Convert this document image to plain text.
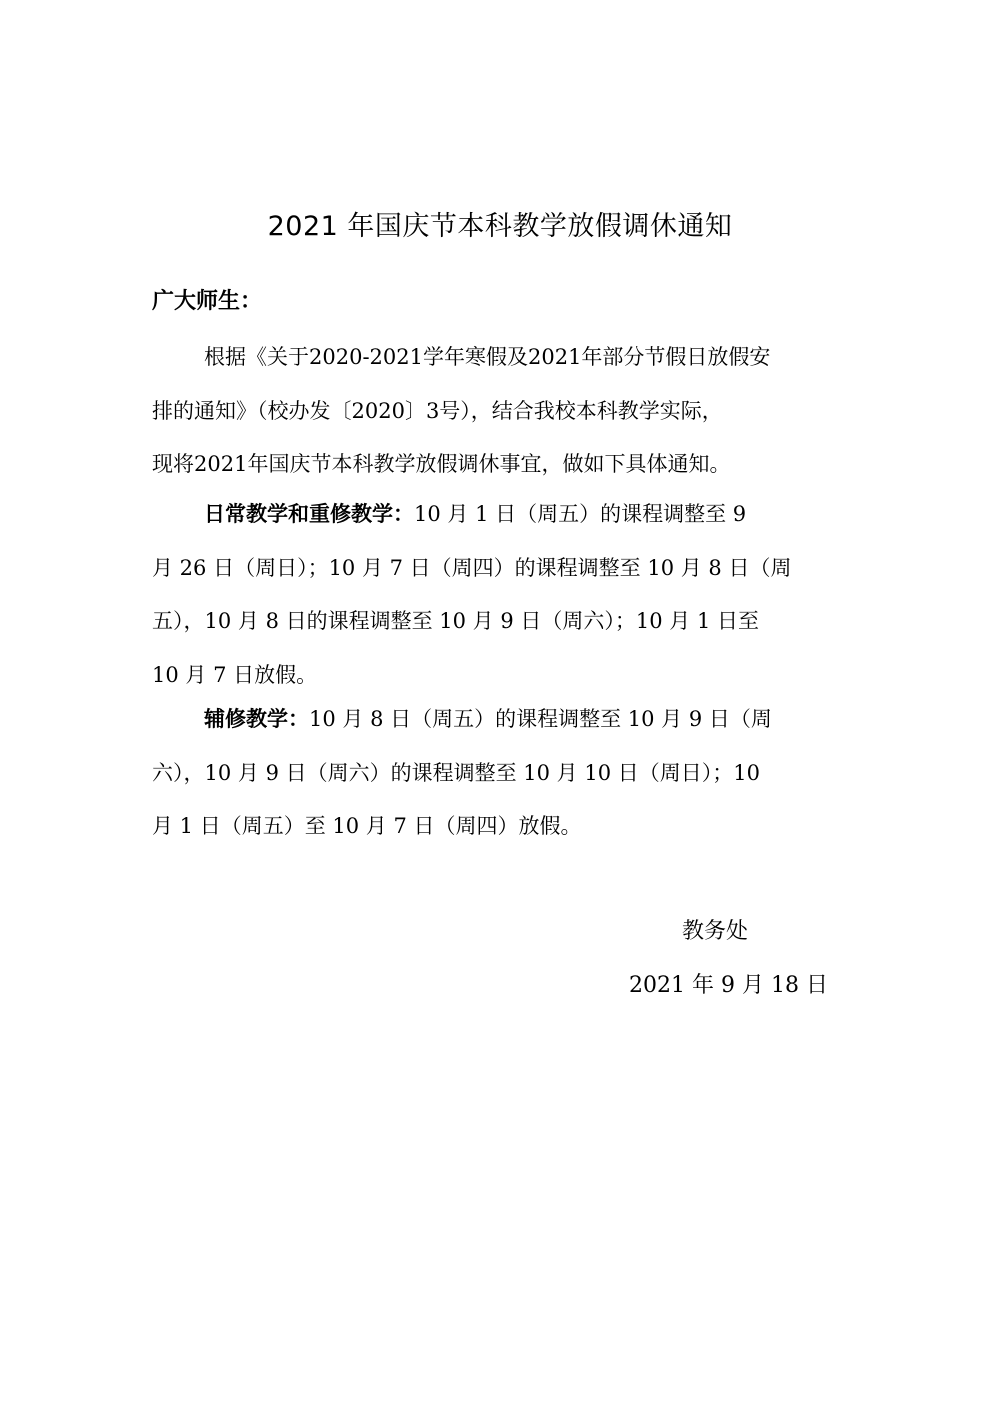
2021 年国庆节本科教学放假调休通知

广大师生：

根据《关于2020-2021学年寒假及2021年部分节假日放假安
排的通知》（校办发〔2020〕3号），结合我校本科教学实际，
现将2021年国庆节本科教学放假调休事宜，做如下具体通知。
日常教学和重修教学：10 月 1 日（周五）的课程调整至 9
月 26 日（周日）；10 月 7 日（周四）的课程调整至 10 月 8 日（周
五），10 月 8 日的课程调整至 10 月 9 日（周六）；10 月 1 日至
10 月 7 日放假。
辅修教学：10 月 8 日（周五）的课程调整至 10 月 9 日（周
六），10 月 9 日（周六）的课程调整至 10 月 10 日（周日）；10
月 1 日（周五）至 10 月 7 日（周四）放假。

教务处

2021 年 9 月 18 日
